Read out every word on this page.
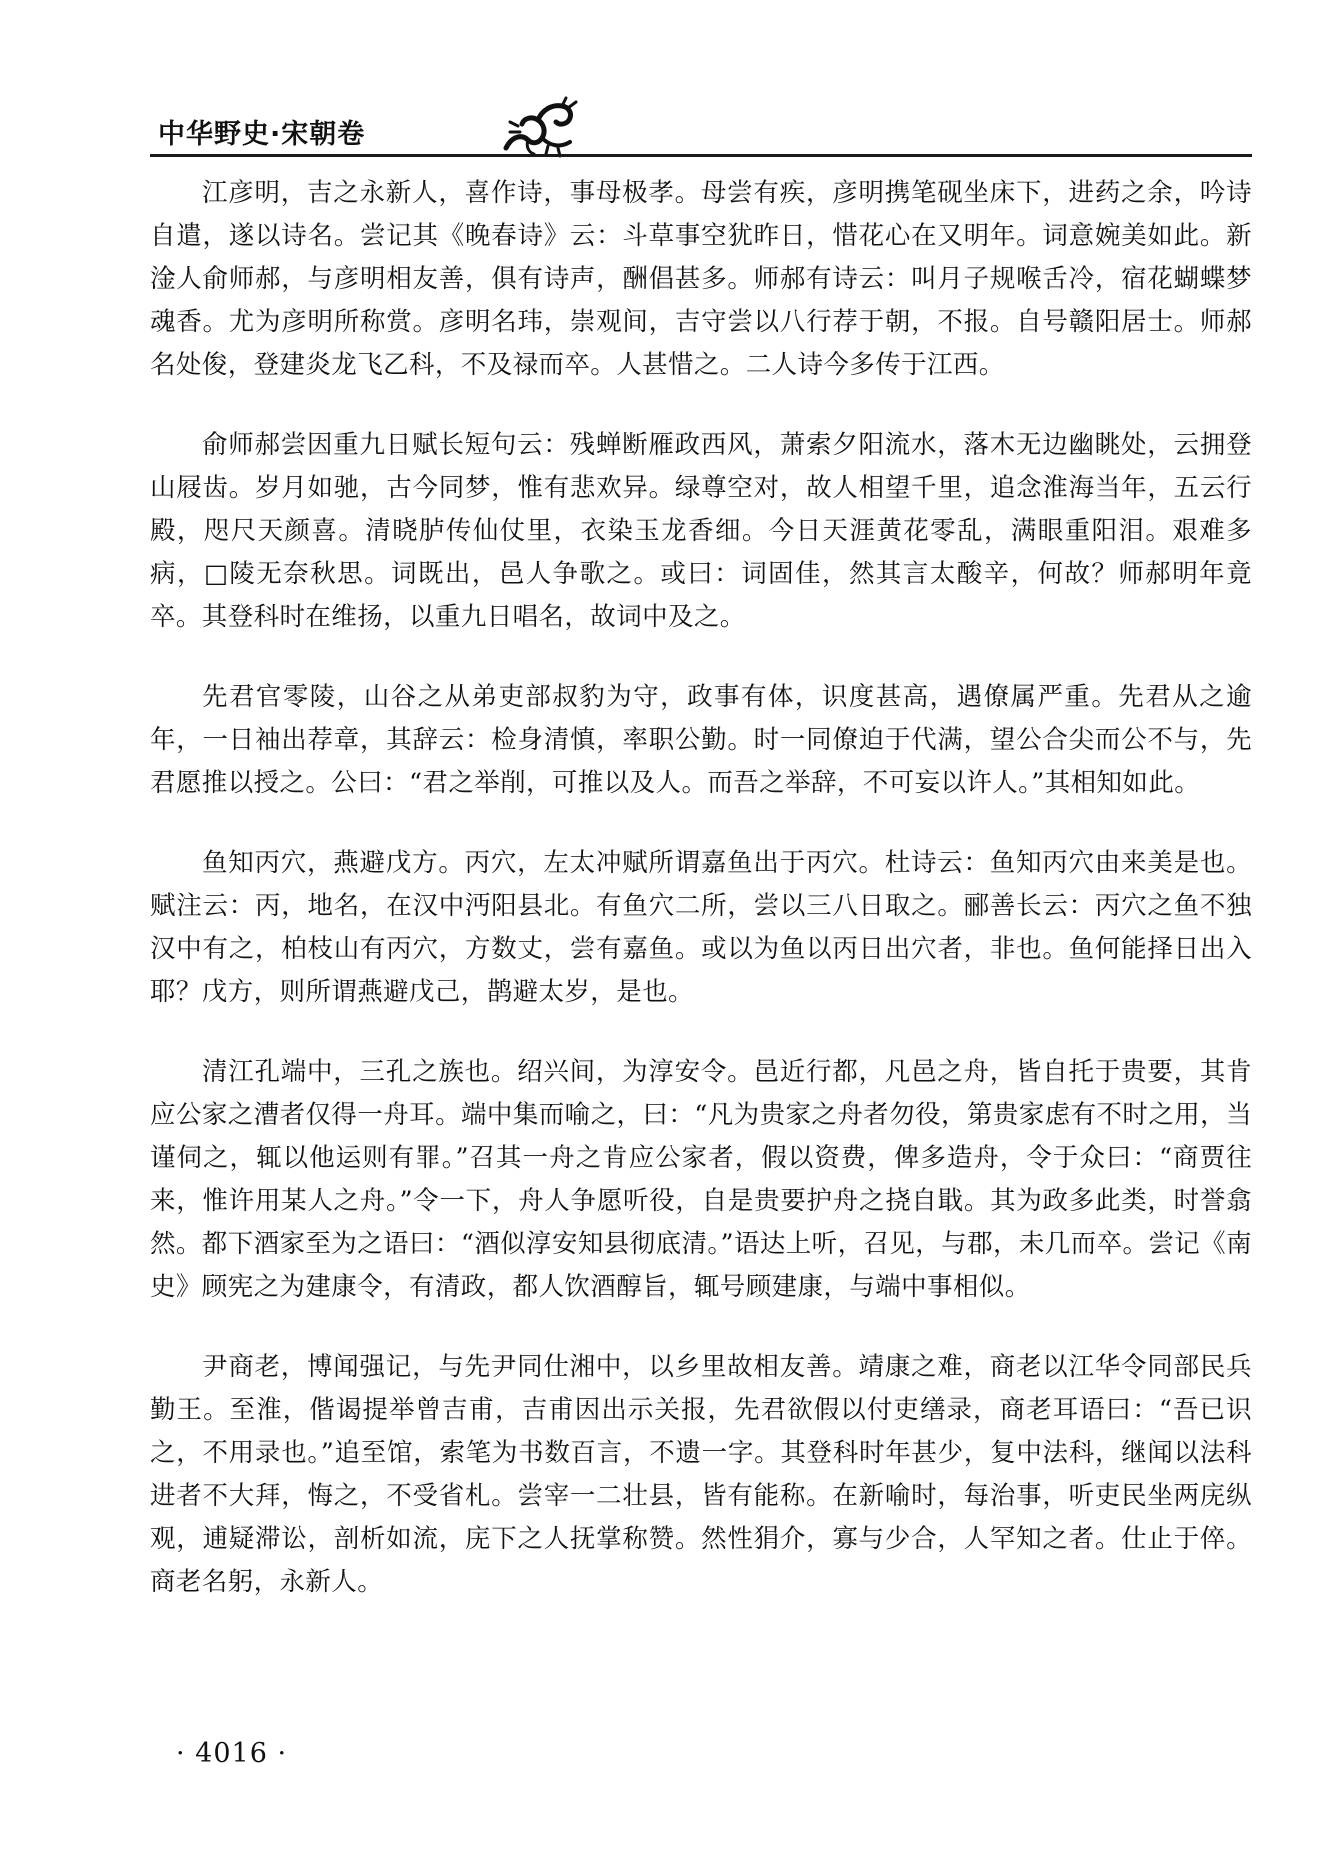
中华野史·宋朝卷

江彦明，吉之永新人，喜作诗，事母极孝。母尝有疾，彦明携笔砚坐床下，进药之余，吟诗自遣，遂以诗名。尝记其《晚春诗》云：斗草事空犹昨日，惜花心在又明年。词意婉美如此。新淦人俞师郝，与彦明相友善，俱有诗声，酬倡甚多。师郝有诗云：叫月子规喉舌冷，宿花蝴蝶梦魂香。尤为彦明所称赏。彦明名玮，崇观间，吉守尝以八行荐于朝，不报。自号赣阳居士。师郝名处俊，登建炎龙飞乙科，不及禄而卒。人甚惜之。二人诗今多传于江西。

俞师郝尝因重九日赋长短句云：残蝉断雁政西风，萧索夕阳流水，落木无边幽眺处，云拥登山屐齿。岁月如驰，古今同梦，惟有悲欢异。绿尊空对，故人相望千里，追念淮海当年，五云行殿，咫尺天颜喜。清晓胪传仙仗里，衣染玉龙香细。今日天涯黄花零乱，满眼重阳泪。艰难多病，□陵无奈秋思。词既出，邑人争歌之。或曰：词固佳，然其言太酸辛，何故？师郝明年竟卒。其登科时在维扬，以重九日唱名，故词中及之。

先君官零陵，山谷之从弟吏部叔豹为守，政事有体，识度甚高，遇僚属严重。先君从之逾年，一日袖出荐章，其辞云：检身清慎，率职公勤。时一同僚迫于代满，望公合尖而公不与，先君愿推以授之。公曰：“君之举削，可推以及人。而吾之举辞，不可妄以许人。”其相知如此。

鱼知丙穴，燕避戊方。丙穴，左太冲赋所谓嘉鱼出于丙穴。杜诗云：鱼知丙穴由来美是也。赋注云：丙，地名，在汉中沔阳县北。有鱼穴二所，尝以三八日取之。郦善长云：丙穴之鱼不独汉中有之，柏枝山有丙穴，方数丈，尝有嘉鱼。或以为鱼以丙日出穴者，非也。鱼何能择日出入耶？戊方，则所谓燕避戊己，鹊避太岁，是也。

清江孔端中，三孔之族也。绍兴间，为淳安令。邑近行都，凡邑之舟，皆自托于贵要，其肯应公家之漕者仅得一舟耳。端中集而喻之，曰：“凡为贵家之舟者勿役，第贵家虑有不时之用，当谨伺之，辄以他运则有罪。”召其一舟之肯应公家者，假以资费，俾多造舟，令于众曰：“商贾往来，惟许用某人之舟。”令一下，舟人争愿听役，自是贵要护舟之挠自戢。其为政多此类，时誉翕然。都下酒家至为之语曰：“酒似淳安知县彻底清。”语达上听，召见，与郡，未几而卒。尝记《南史》顾宪之为建康令，有清政，都人饮酒醇旨，辄号顾建康，与端中事相似。

尹商老，博闻强记，与先尹同仕湘中，以乡里故相友善。靖康之难，商老以江华令同部民兵勤王。至淮，偕谒提举曾吉甫，吉甫因出示关报，先君欲假以付吏缮录，商老耳语曰：“吾已识之，不用录也。”追至馆，索笔为书数百言，不遗一字。其登科时年甚少，复中法科，继闻以法科进者不大拜，悔之，不受省札。尝宰一二壮县，皆有能称。在新喻时，每治事，听吏民坐两庑纵观，逋疑滞讼，剖析如流，庑下之人抚掌称赞。然性狷介，寡与少合，人罕知之者。仕止于倅。商老名躬，永新人。

· 4016 ·
